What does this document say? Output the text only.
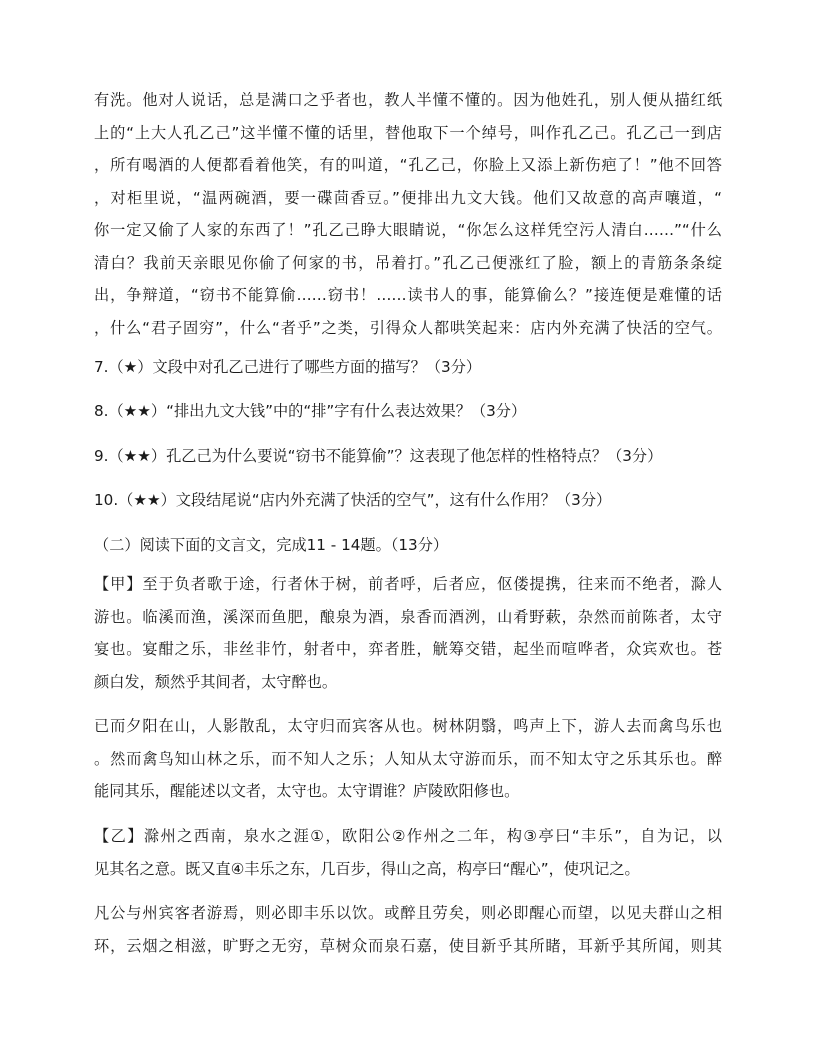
有洗。他对人说话，总是满口之乎者也，教人半懂不懂的。因为他姓孔，别人便从描红纸
上的“上大人孔乙己”这半懂不懂的话里，替他取下一个绰号，叫作孔乙己。孔乙己一到店
，所有喝酒的人便都看着他笑，有的叫道，“孔乙己，你脸上又添上新伤疤了！”他不回答
，对柜里说，“温两碗酒，要一碟茴香豆。”便排出九文大钱。他们又故意的高声嚷道，“
你一定又偷了人家的东西了！”孔乙己睁大眼睛说，“你怎么这样凭空污人清白……”“什么
清白？我前天亲眼见你偷了何家的书，吊着打。”孔乙己便涨红了脸，额上的青筋条条绽
出，争辩道，“窃书不能算偷……窃书！……读书人的事，能算偷么？”接连便是难懂的话
，什么“君子固穷”，什么“者乎”之类，引得众人都哄笑起来：店内外充满了快活的空气。
7.（★）文段中对孔乙己进行了哪些方面的描写？（3分）
8.（★★）“排出九文大钱”中的“排”字有什么表达效果？（3分）
9.（★★）孔乙己为什么要说“窃书不能算偷”？这表现了他怎样的性格特点？（3分）
10.（★★）文段结尾说“店内外充满了快活的空气”，这有什么作用？（3分）
（二）阅读下面的文言文，完成11 - 14题。（13分）
【甲】至于负者歌于途，行者休于树，前者呼，后者应，伛偻提携，往来而不绝者，滁人
游也。临溪而渔，溪深而鱼肥，酿泉为酒，泉香而酒洌，山肴野蔌，杂然而前陈者，太守
宴也。宴酣之乐，非丝非竹，射者中，弈者胜，觥筹交错，起坐而喧哗者，众宾欢也。苍
颜白发，颓然乎其间者，太守醉也。
已而夕阳在山，人影散乱，太守归而宾客从也。树林阴翳，鸣声上下，游人去而禽鸟乐也
。然而禽鸟知山林之乐，而不知人之乐；人知从太守游而乐，而不知太守之乐其乐也。醉
能同其乐，醒能述以文者，太守也。太守谓谁？庐陵欧阳修也。
【乙】滁州之西南，泉水之涯①，欧阳公②作州之二年，构③亭曰“丰乐”，自为记，以
见其名之意。既又直④丰乐之东，几百步，得山之高，构亭曰“醒心”，使巩记之。
凡公与州宾客者游焉，则必即丰乐以饮。或醉且劳矣，则必即醒心而望，以见夫群山之相
环，云烟之相滋，旷野之无穷，草树众而泉石嘉，使目新乎其所睹，耳新乎其所闻，则其
